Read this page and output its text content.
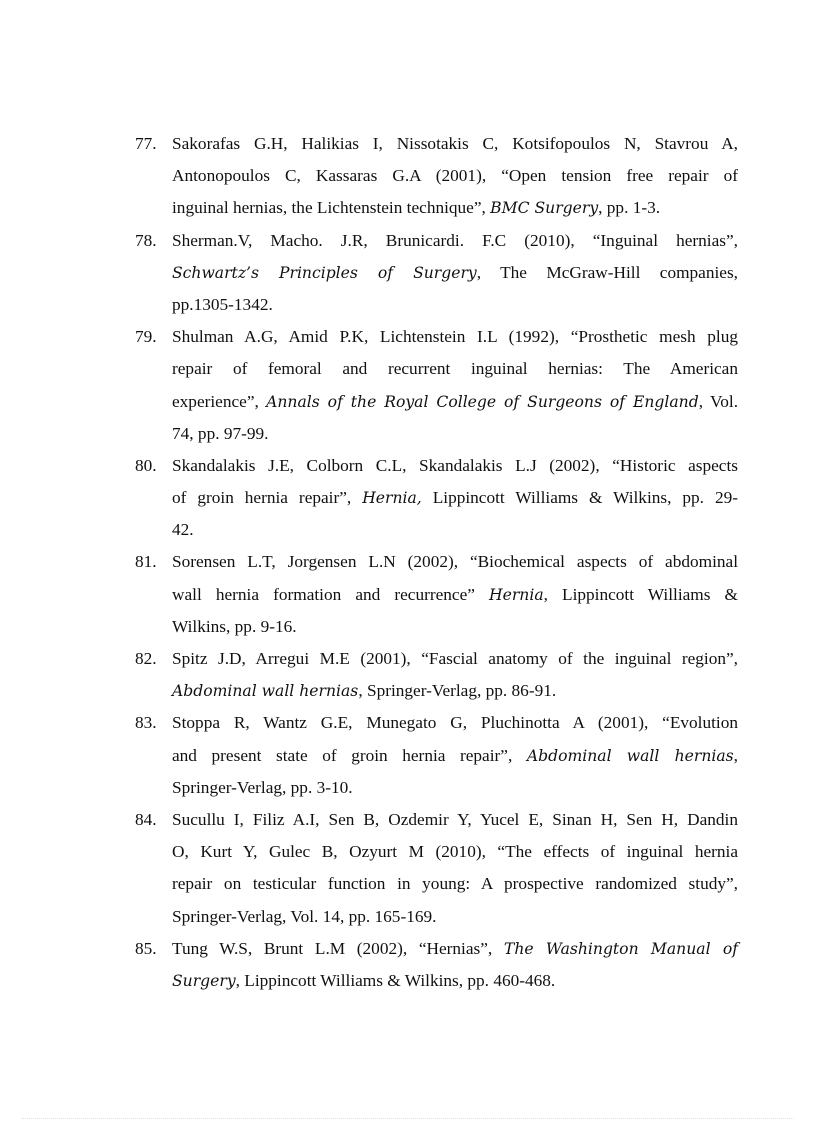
77. Sakorafas G.H, Halikias I, Nissotakis C, Kotsifopoulos N, Stavrou A,
Antonopoulos C, Kassaras G.A (2001), “Open tension free repair of
inguinal hernias, the Lichtenstein technique”, BMC Surgery, pp. 1-3.
78. Sherman.V, Macho. J.R, Brunicardi. F.C (2010), “Inguinal hernias”,
Schwartz’s Principles of Surgery, The McGraw-Hill companies,
pp.1305-1342.
79. Shulman A.G, Amid P.K, Lichtenstein I.L (1992), “Prosthetic mesh plug
repair of femoral and recurrent inguinal hernias: The American
experience”, Annals of the Royal College of Surgeons of England, Vol.
74, pp. 97-99.
80. Skandalakis J.E, Colborn C.L, Skandalakis L.J (2002), “Historic aspects
of groin hernia repair”, Hernia, Lippincott Williams & Wilkins, pp. 29-
42.
81. Sorensen L.T, Jorgensen L.N (2002), “Biochemical aspects of abdominal
wall hernia formation and recurrence” Hernia, Lippincott Williams &
Wilkins, pp. 9-16.
82. Spitz J.D, Arregui M.E (2001), “Fascial anatomy of the inguinal region”,
Abdominal wall hernias, Springer-Verlag, pp. 86-91.
83. Stoppa R, Wantz G.E, Munegato G, Pluchinotta A (2001), “Evolution
and present state of groin hernia repair”, Abdominal wall hernias,
Springer-Verlag, pp. 3-10.
84. Sucullu I, Filiz A.I, Sen B, Ozdemir Y, Yucel E, Sinan H, Sen H, Dandin
O, Kurt Y, Gulec B, Ozyurt M (2010), “The effects of inguinal hernia
repair on testicular function in young: A prospective randomized study”,
Springer-Verlag, Vol. 14, pp. 165-169.
85. Tung W.S, Brunt L.M (2002), “Hernias”, The Washington Manual of
Surgery, Lippincott Williams & Wilkins, pp. 460-468.
